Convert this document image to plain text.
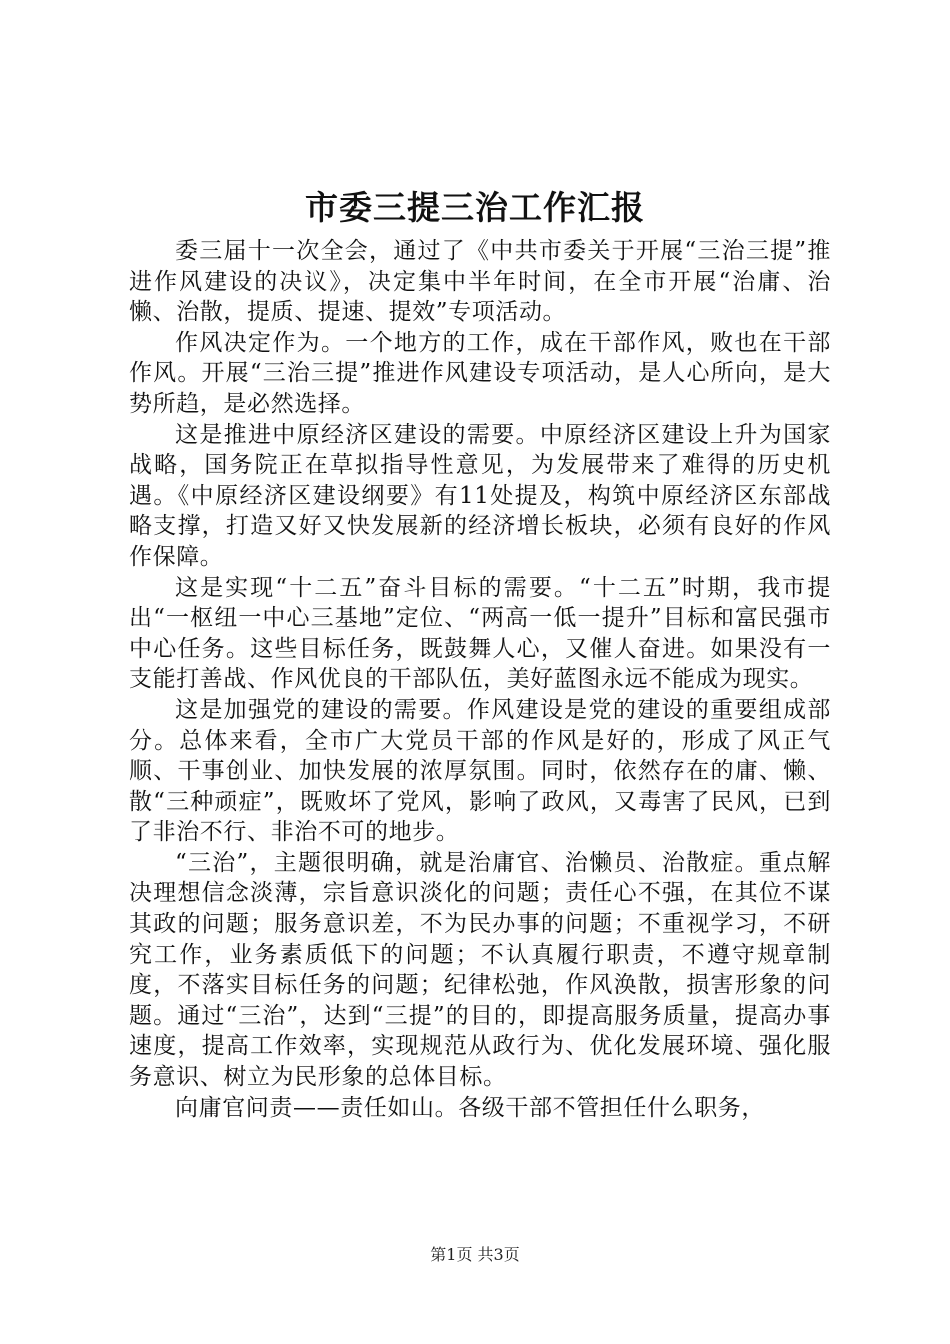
市委三提三治工作汇报

委三届十一次全会，通过了《中共市委关于开展“三治三提”推进作风建设的决议》，决定集中半年时间，在全市开展“治庸、治懒、治散，提质、提速、提效”专项活动。

作风决定作为。一个地方的工作，成在干部作风，败也在干部作风。开展“三治三提”推进作风建设专项活动，是人心所向，是大势所趋，是必然选择。

这是推进中原经济区建设的需要。中原经济区建设上升为国家战略，国务院正在草拟指导性意见，为发展带来了难得的历史机遇。《中原经济区建设纲要》有11处提及，构筑中原经济区东部战略支撑，打造又好又快发展新的经济增长板块，必须有良好的作风作保障。

这是实现“十二五”奋斗目标的需要。“十二五”时期，我市提出“一枢纽一中心三基地”定位、“两高一低一提升”目标和富民强市中心任务。这些目标任务，既鼓舞人心，又催人奋进。如果没有一支能打善战、作风优良的干部队伍，美好蓝图永远不能成为现实。

这是加强党的建设的需要。作风建设是党的建设的重要组成部分。总体来看，全市广大党员干部的作风是好的，形成了风正气顺、干事创业、加快发展的浓厚氛围。同时，依然存在的庸、懒、散“三种顽症”，既败坏了党风，影响了政风，又毒害了民风，已到了非治不行、非治不可的地步。

“三治”，主题很明确，就是治庸官、治懒员、治散症。重点解决理想信念淡薄，宗旨意识淡化的问题；责任心不强，在其位不谋其政的问题；服务意识差，不为民办事的问题；不重视学习，不研究工作，业务素质低下的问题；不认真履行职责，不遵守规章制度，不落实目标任务的问题；纪律松弛，作风涣散，损害形象的问题。通过“三治”，达到“三提”的目的，即提高服务质量，提高办事速度，提高工作效率，实现规范从政行为、优化发展环境、强化服务意识、树立为民形象的总体目标。

向庸官问责——责任如山。各级干部不管担任什么职务，

第1页 共3页
